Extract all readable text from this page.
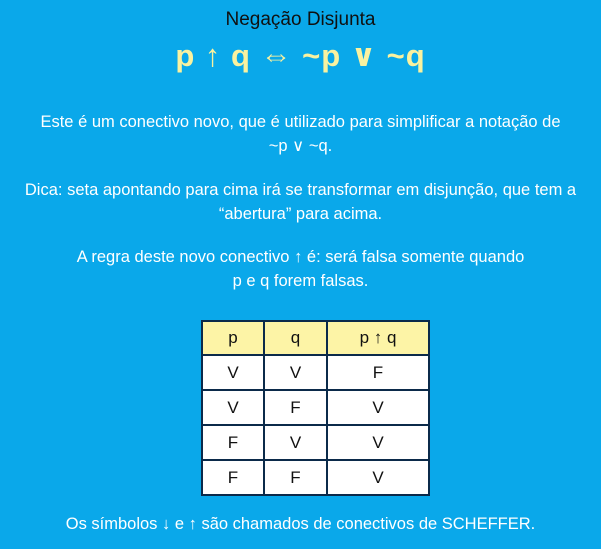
Negação Disjunta
p ↑ q ⇔ ~p ∨ ~q
Este é um conectivo novo, que é utilizado para simplificar a notação de
~p ∨ ~q.
Dica: seta apontando para cima irá se transformar em disjunção, que tem a
“abertura” para acima.
A regra deste novo conectivo ↑ é: será falsa somente quando
p e q forem falsas.
p	q	p ↑ q
V	V	F
V	F	V
F	V	V
F	F	V
Os símbolos ↓ e ↑ são chamados de conectivos de SCHEFFER.
